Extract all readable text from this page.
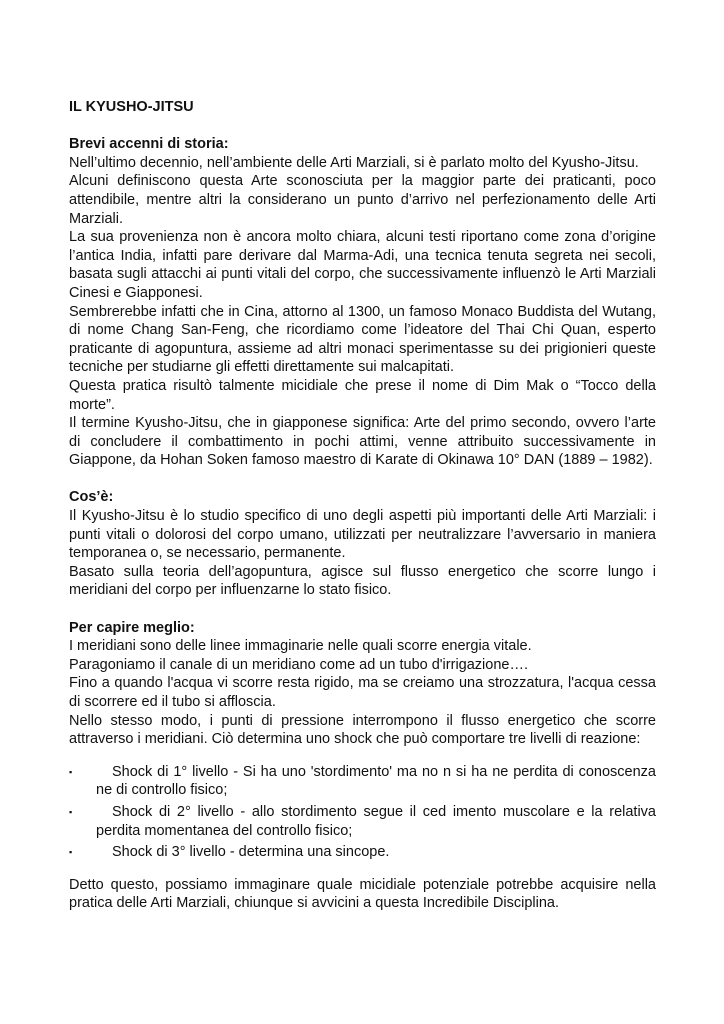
IL KYUSHO-JITSU

Brevi accenni di storia:

Nell’ultimo decennio, nell’ambiente delle Arti Marziali, si è parlato molto del Kyusho-Jitsu.

Alcuni definiscono questa Arte sconosciuta per la maggior parte dei praticanti, poco attendibile, mentre altri la considerano un punto d’arrivo nel perfezionamento delle Arti Marziali.

La sua provenienza non è ancora molto chiara, alcuni testi riportano come zona d’origine l’antica India, infatti pare derivare dal Marma-Adi, una tecnica tenuta segreta nei secoli, basata sugli attacchi ai punti vitali del corpo, che successivamente influenzò le Arti Marziali Cinesi e Giapponesi.

Sembrerebbe infatti che in Cina, attorno al 1300, un famoso Monaco Buddista del Wutang, di nome Chang San-Feng, che ricordiamo come l’ideatore del Thai Chi Quan, esperto praticante di agopuntura, assieme ad altri monaci sperimentasse su dei prigionieri queste tecniche per studiarne gli effetti direttamente sui malcapitati.

Questa pratica risultò talmente micidiale che prese il nome di Dim Mak o “Tocco della morte”.

Il termine Kyusho-Jitsu, che in giapponese significa: Arte del primo secondo, ovvero l’arte di concludere il combattimento in pochi attimi, venne attribuito successivamente in Giappone, da Hohan Soken famoso maestro di Karate di Okinawa 10° DAN (1889 – 1982).

Cos’è:

Il Kyusho-Jitsu è lo studio specifico di uno degli aspetti più importanti delle Arti Marziali: i punti vitali o dolorosi del corpo umano, utilizzati per neutralizzare l’avversario in maniera temporanea o, se necessario, permanente.

Basato sulla teoria dell’agopuntura, agisce sul flusso energetico che scorre lungo i meridiani del corpo per influenzarne lo stato fisico.

Per capire meglio:

I meridiani sono delle linee immaginarie nelle quali scorre energia vitale.

Paragoniamo il canale di un meridiano come ad un tubo d'irrigazione….

Fino a quando l'acqua vi scorre resta rigido, ma se creiamo una strozzatura, l'acqua cessa di scorrere ed il tubo si affloscia.

Nello stesso modo, i punti di pressione interrompono il flusso energetico che scorre attraverso i meridiani. Ciò determina uno shock che può comportare tre livelli di reazione:

▪	Shock di 1° livello - Si ha uno 'stordimento' ma no n si ha ne perdita di conoscenza ne di controllo fisico;
▪	Shock di 2° livello - allo stordimento segue il ced imento muscolare e la relativa perdita momentanea del controllo fisico;
▪	Shock di 3° livello - determina una sincope.

Detto questo, possiamo immaginare quale micidiale potenziale potrebbe acquisire nella pratica delle Arti Marziali, chiunque si avvicini a questa Incredibile Disciplina.
